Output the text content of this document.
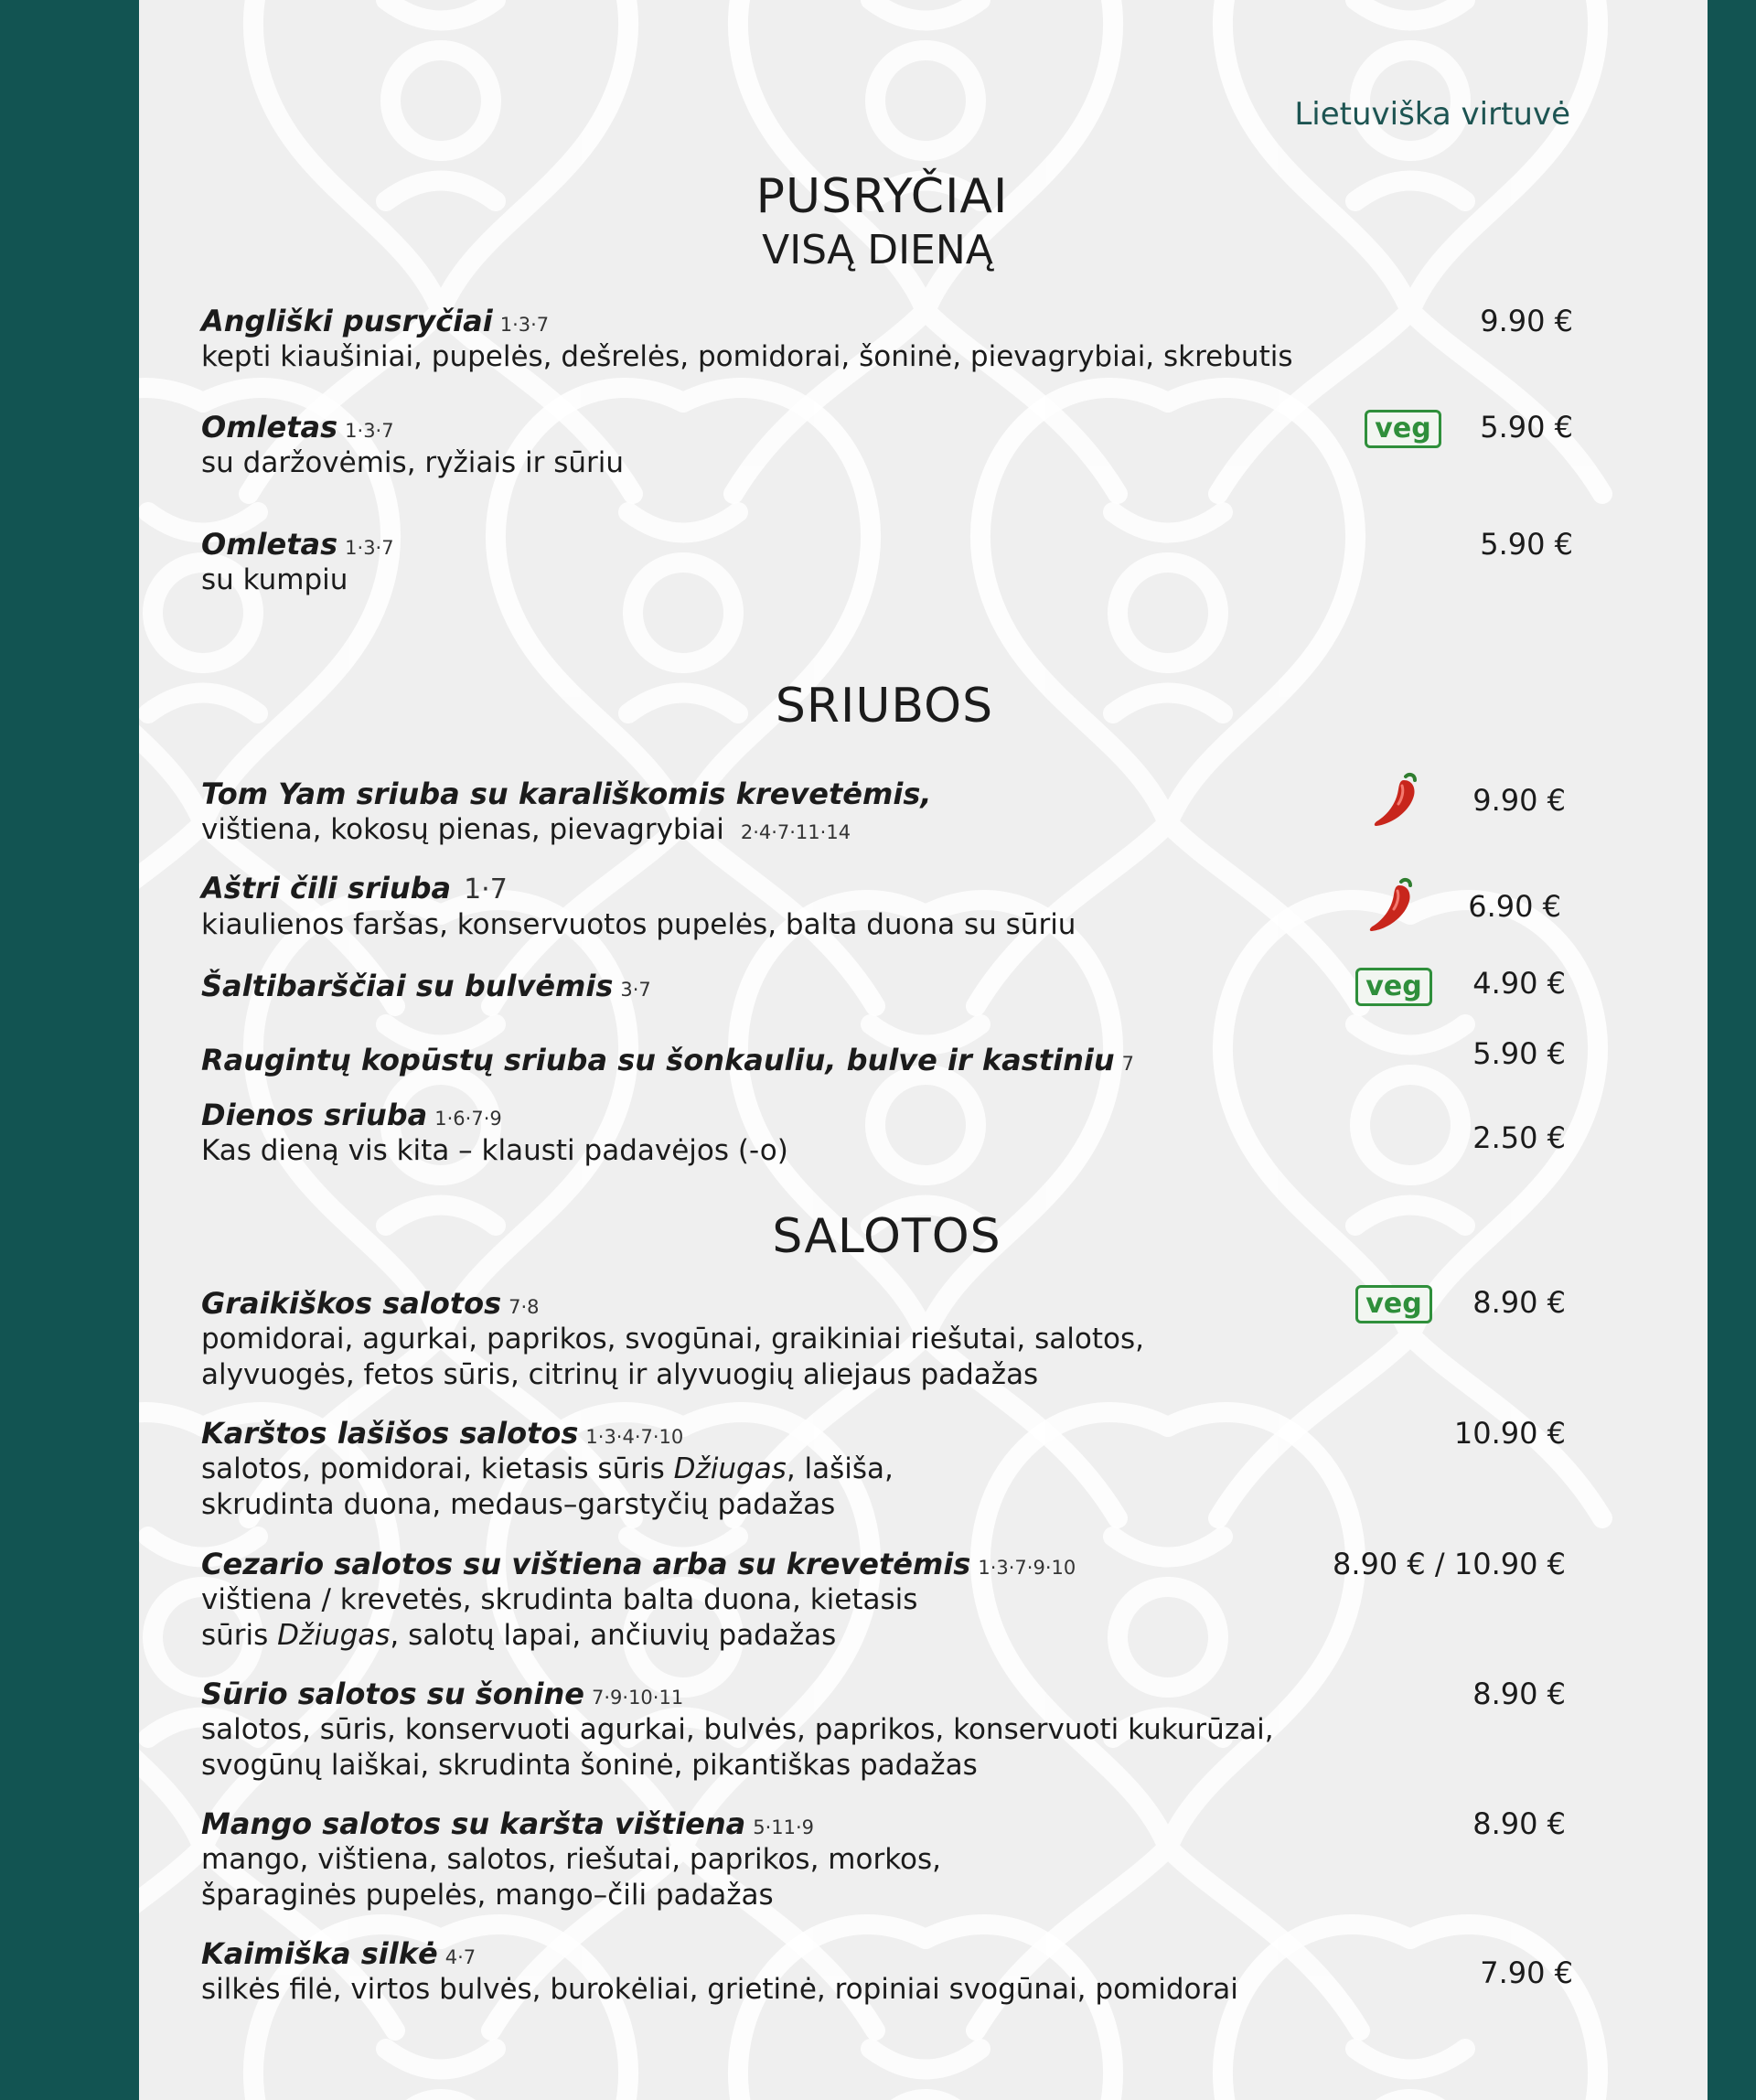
Lietuviška virtuvė
PUSRYČIAI
VISĄ DIENĄ
Angliški pusryčiai 1·3·7
kepti kiaušiniai, pupelės, dešrelės, pomidorai, šoninė, pievagrybiai, skrebutis
9.90 €
Omletas 1·3·7
su daržovėmis, ryžiais ir sūriu
veg	5.90 €
Omletas 1·3·7
su kumpiu
5.90 €
SRIUBOS
Tom Yam sriuba su karališkomis krevetėmis,
vištiena, kokosų pienas, pievagrybiai 2·4·7·11·14
9.90 €
Aštri čili sriuba 1·7
kiaulienos faršas, konservuotos pupelės, balta duona su sūriu
6.90 €
Šaltibarščiai su bulvėmis 3·7	veg	4.90 €
Raugintų kopūstų sriuba su šonkauliu, bulve ir kastiniu 7	5.90 €
Dienos sriuba 1·6·7·9
Kas dieną vis kita – klausti padavėjos (-o)	2.50 €
SALOTOS
Graikiškos salotos 7·8
pomidorai, agurkai, paprikos, svogūnai, graikiniai riešutai, salotos,
alyvuogės, fetos sūris, citrinų ir alyvuogių aliejaus padažas
veg	8.90 €
Karštos lašišos salotos 1·3·4·7·10
salotos, pomidorai, kietasis sūris Džiugas, lašiša,
skrudinta duona, medaus–garstyčių padažas
10.90 €
Cezario salotos su vištiena arba su krevetėmis 1·3·7·9·10
vištiena / krevetės, skrudinta balta duona, kietasis
sūris Džiugas, salotų lapai, ančiuvių padažas
8.90 € / 10.90 €
Sūrio salotos su šonine 7·9·10·11
salotos, sūris, konservuoti agurkai, bulvės, paprikos, konservuoti kukurūzai,
svogūnų laiškai, skrudinta šoninė, pikantiškas padažas
8.90 €
Mango salotos su karšta vištiena 5·11·9
mango, vištiena, salotos, riešutai, paprikos, morkos,
šparaginės pupelės, mango–čili padažas
8.90 €
Kaimiška silkė 4·7
silkės filė, virtos bulvės, burokėliai, grietinė, ropiniai svogūnai, pomidorai	7.90 €
